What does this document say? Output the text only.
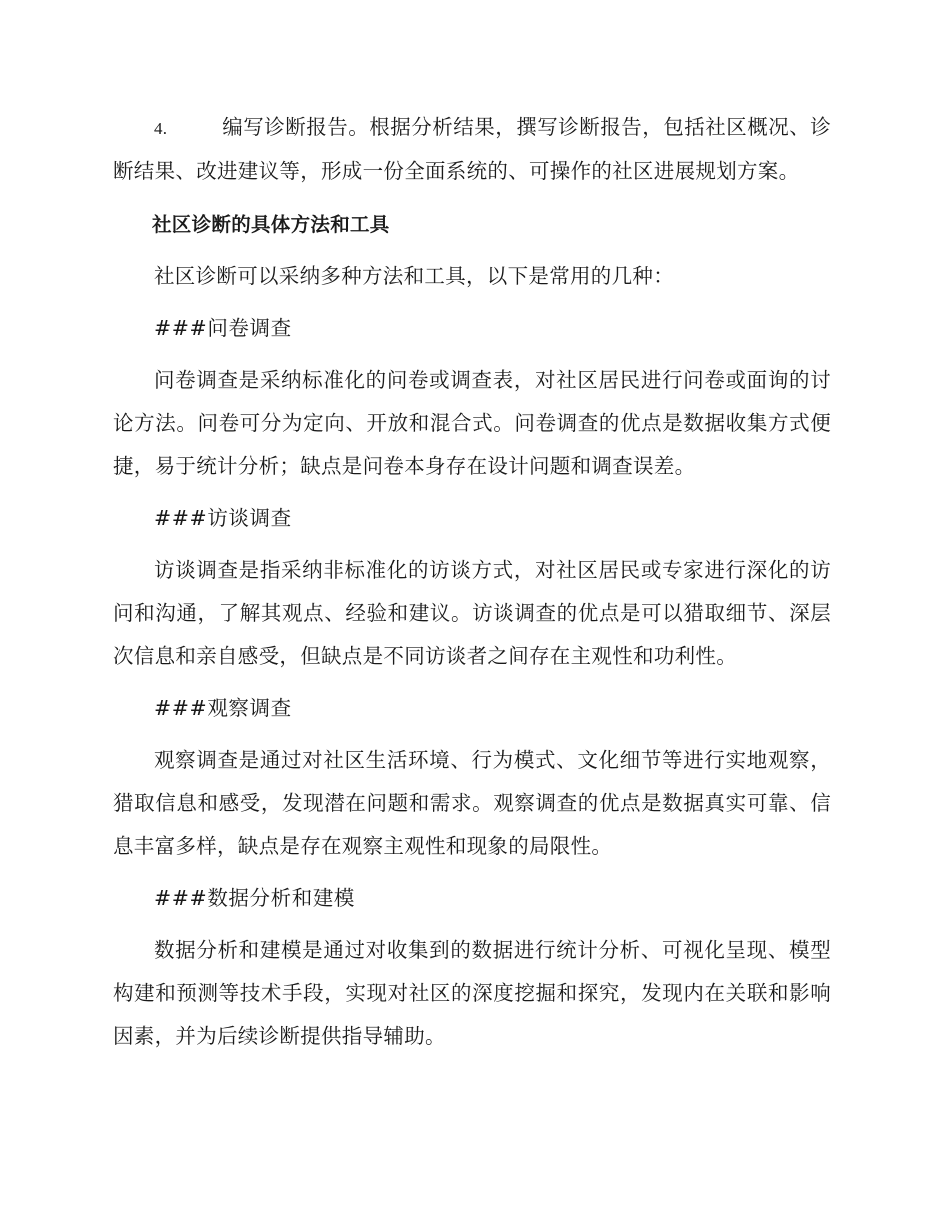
4.	编写诊断报告。根据分析结果，撰写诊断报告，包括社区概况、诊断结果、改进建议等，形成一份全面系统的、可操作的社区进展规划方案。

社区诊断的具体方法和工具

社区诊断可以采纳多种方法和工具，以下是常用的几种：

###问卷调查

问卷调查是采纳标准化的问卷或调查表，对社区居民进行问卷或面询的讨论方法。问卷可分为定向、开放和混合式。问卷调查的优点是数据收集方式便捷，易于统计分析；缺点是问卷本身存在设计问题和调查误差。

###访谈调查

访谈调查是指采纳非标准化的访谈方式，对社区居民或专家进行深化的访问和沟通，了解其观点、经验和建议。访谈调查的优点是可以猎取细节、深层次信息和亲自感受，但缺点是不同访谈者之间存在主观性和功利性。

###观察调查

观察调查是通过对社区生活环境、行为模式、文化细节等进行实地观察，猎取信息和感受，发现潜在问题和需求。观察调查的优点是数据真实可靠、信息丰富多样，缺点是存在观察主观性和现象的局限性。

###数据分析和建模

数据分析和建模是通过对收集到的数据进行统计分析、可视化呈现、模型构建和预测等技术手段，实现对社区的深度挖掘和探究，发现内在关联和影响因素，并为后续诊断提供指导辅助。
